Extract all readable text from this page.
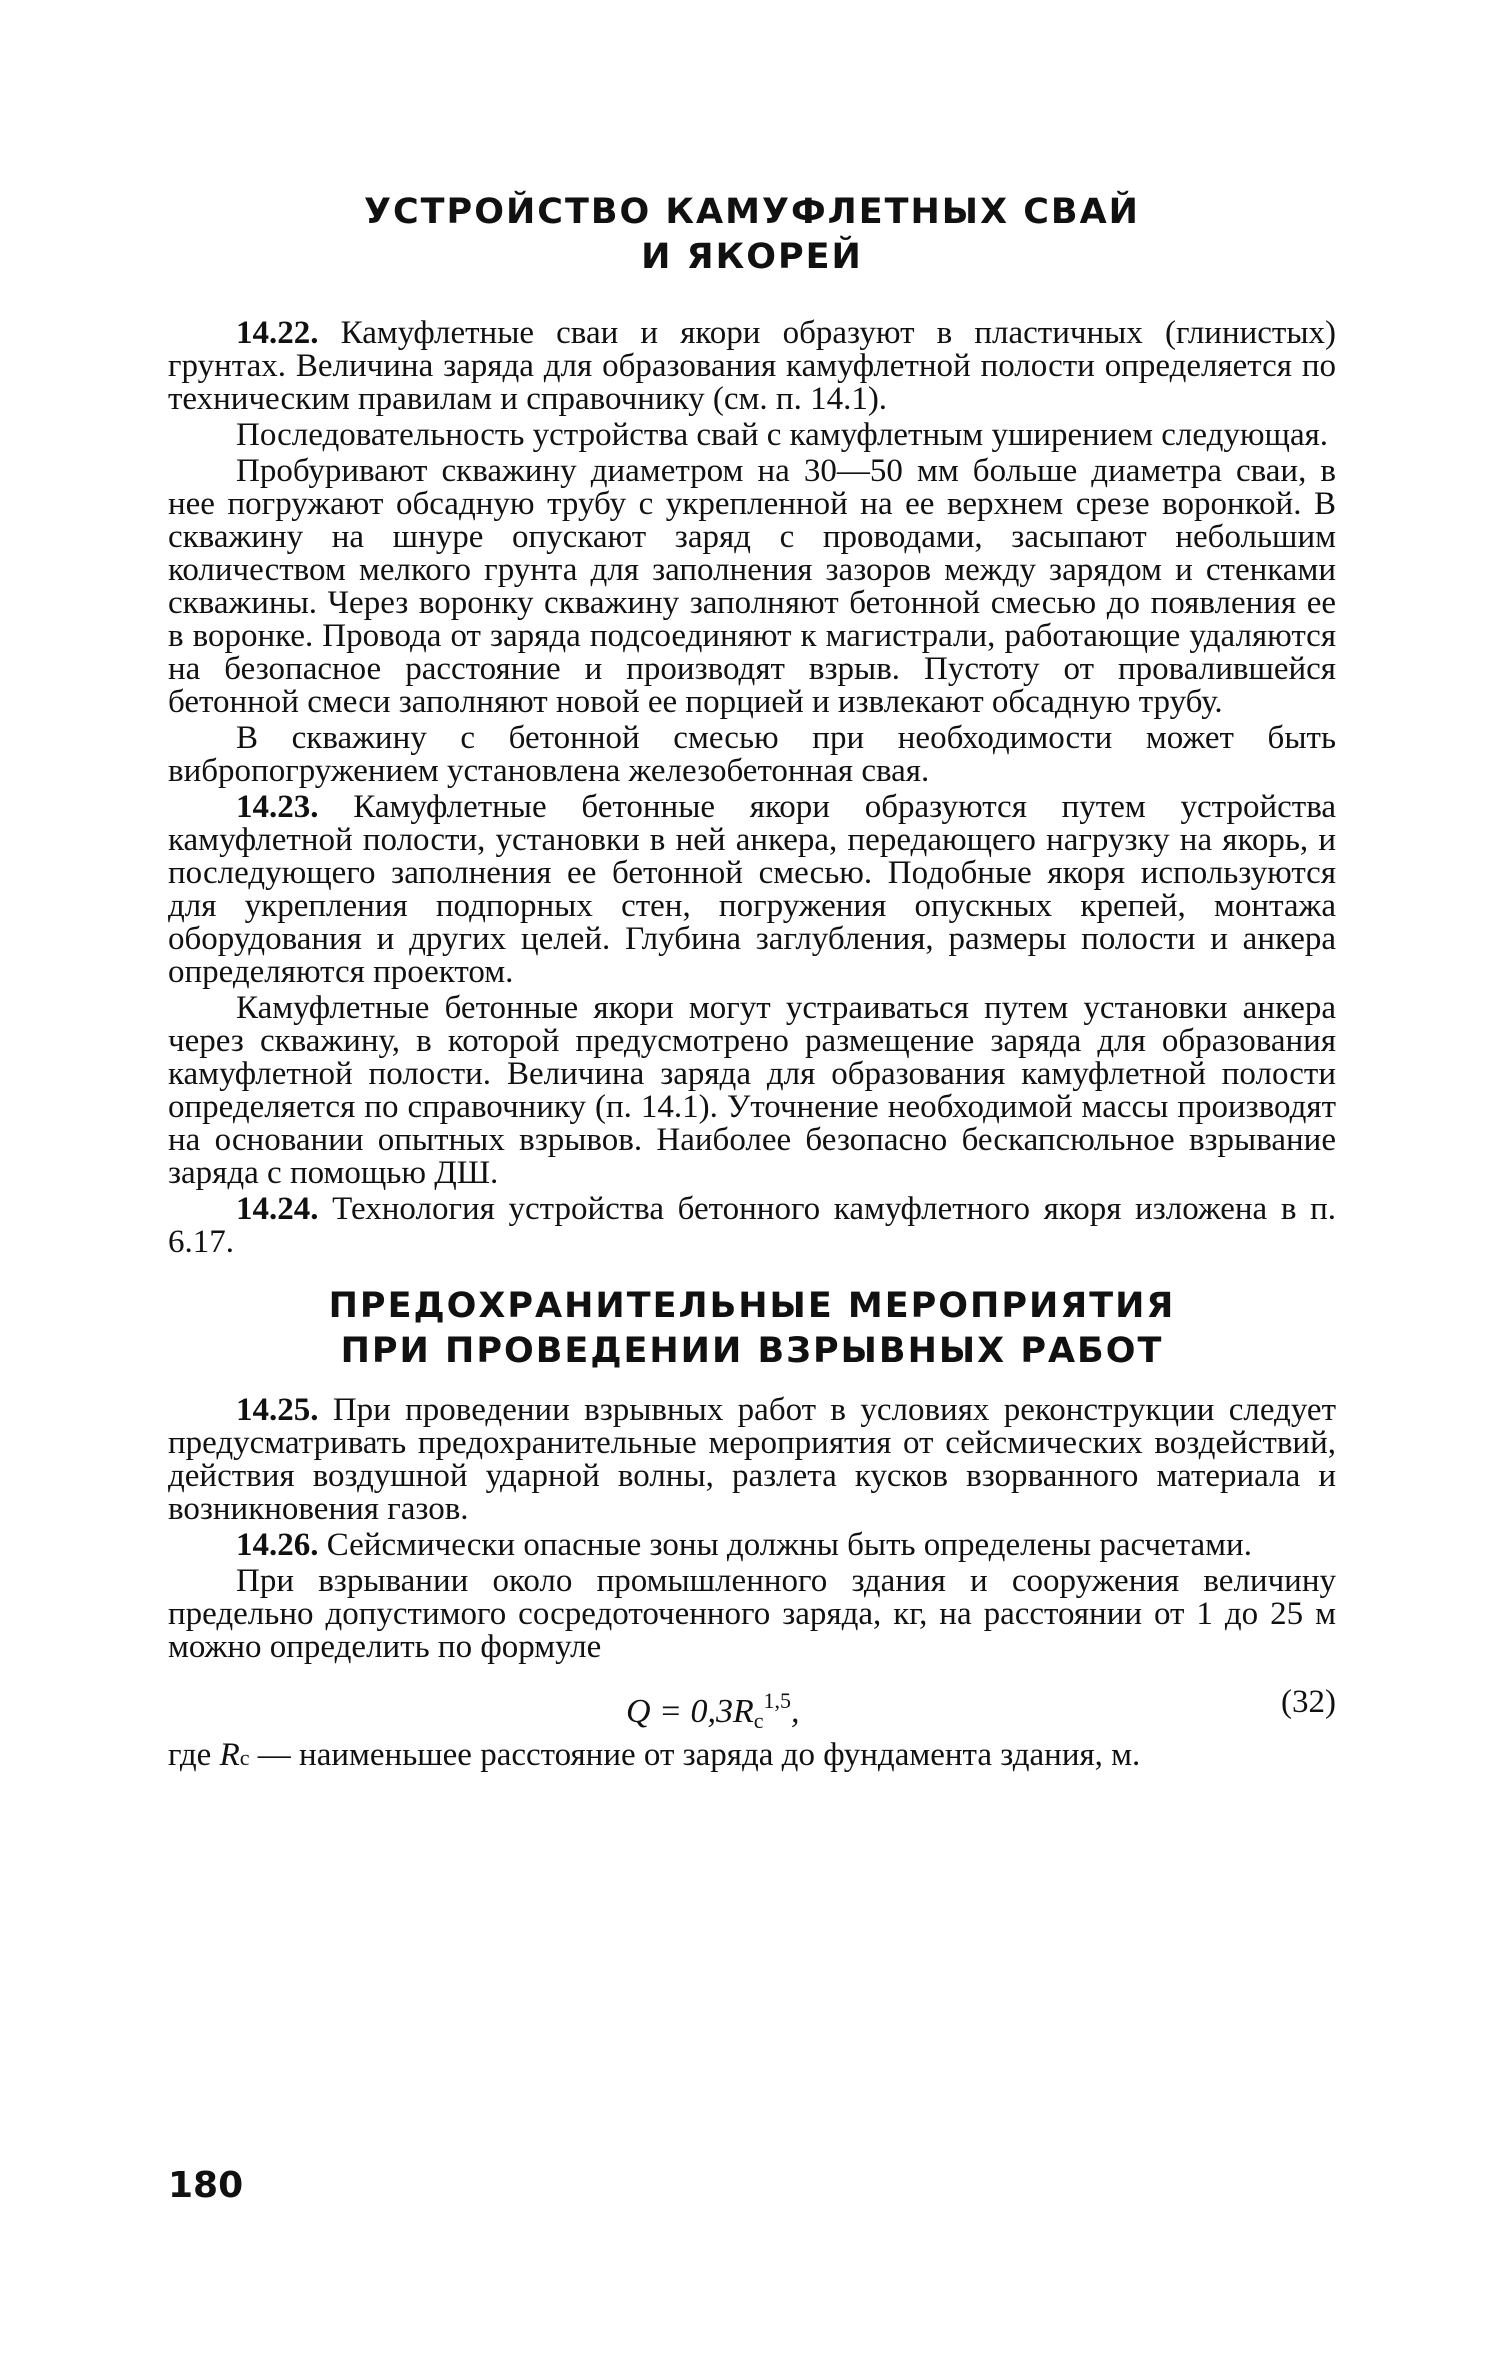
УСТРОЙСТВО КАМУФЛЕТНЫХ СВАЙ
И ЯКОРЕЙ

14.22. Камуфлетные сваи и якори образуют в пластичных (глинистых) грунтах. Величина заряда для образования камуфлетной полости определяется по техническим правилам и справочнику (см. п. 14.1).

Последовательность устройства свай с камуфлетным уширением следующая.

Пробуривают скважину диаметром на 30—50 мм больше диаметра сваи, в нее погружают обсадную трубу с укрепленной на ее верхнем срезе воронкой. В скважину на шнуре опускают заряд с проводами, засыпают небольшим количеством мелкого грунта для заполнения зазоров между зарядом и стенками скважины. Через воронку скважину заполняют бетонной смесью до появления ее в воронке. Провода от заряда подсоединяют к магистрали, работающие удаляются на безопасное расстояние и производят взрыв. Пустоту от провалившейся бетонной смеси заполняют новой ее порцией и извлекают обсадную трубу.

В скважину с бетонной смесью при необходимости может быть вибропогружением установлена железобетонная свая.

14.23. Камуфлетные бетонные якори образуются путем устройства камуфлетной полости, установки в ней анкера, передающего нагрузку на якорь, и последующего заполнения ее бетонной смесью. Подобные якоря используются для укрепления подпорных стен, погружения опускных крепей, монтажа оборудования и других целей. Глубина заглубления, размеры полости и анкера определяются проектом.

Камуфлетные бетонные якори могут устраиваться путем установки анкера через скважину, в которой предусмотрено размещение заряда для образования камуфлетной полости. Величина заряда для образования камуфлетной полости определяется по справочнику (п. 14.1). Уточнение необходимой массы производят на основании опытных взрывов. Наиболее безопасно бескапсюльное взрывание заряда с помощью ДШ.

14.24. Технология устройства бетонного камуфлетного якоря изложена в п. 6.17.

ПРЕДОХРАНИТЕЛЬНЫЕ МЕРОПРИЯТИЯ
ПРИ ПРОВЕДЕНИИ ВЗРЫВНЫХ РАБОТ

14.25. При проведении взрывных работ в условиях реконструкции следует предусматривать предохранительные мероприятия от сейсмических воздействий, действия воздушной ударной волны, разлета кусков взорванного материала и возникновения газов.

14.26. Сейсмически опасные зоны должны быть определены расчетами.

При взрывании около промышленного здания и сооружения величину предельно допустимого сосредоточенного заряда, кг, на расстоянии от 1 до 25 м можно определить по формуле

$Q = 0,3R_c^{1,5}$,	(32)

где Rc — наименьшее расстояние от заряда до фундамента здания, м.

180
